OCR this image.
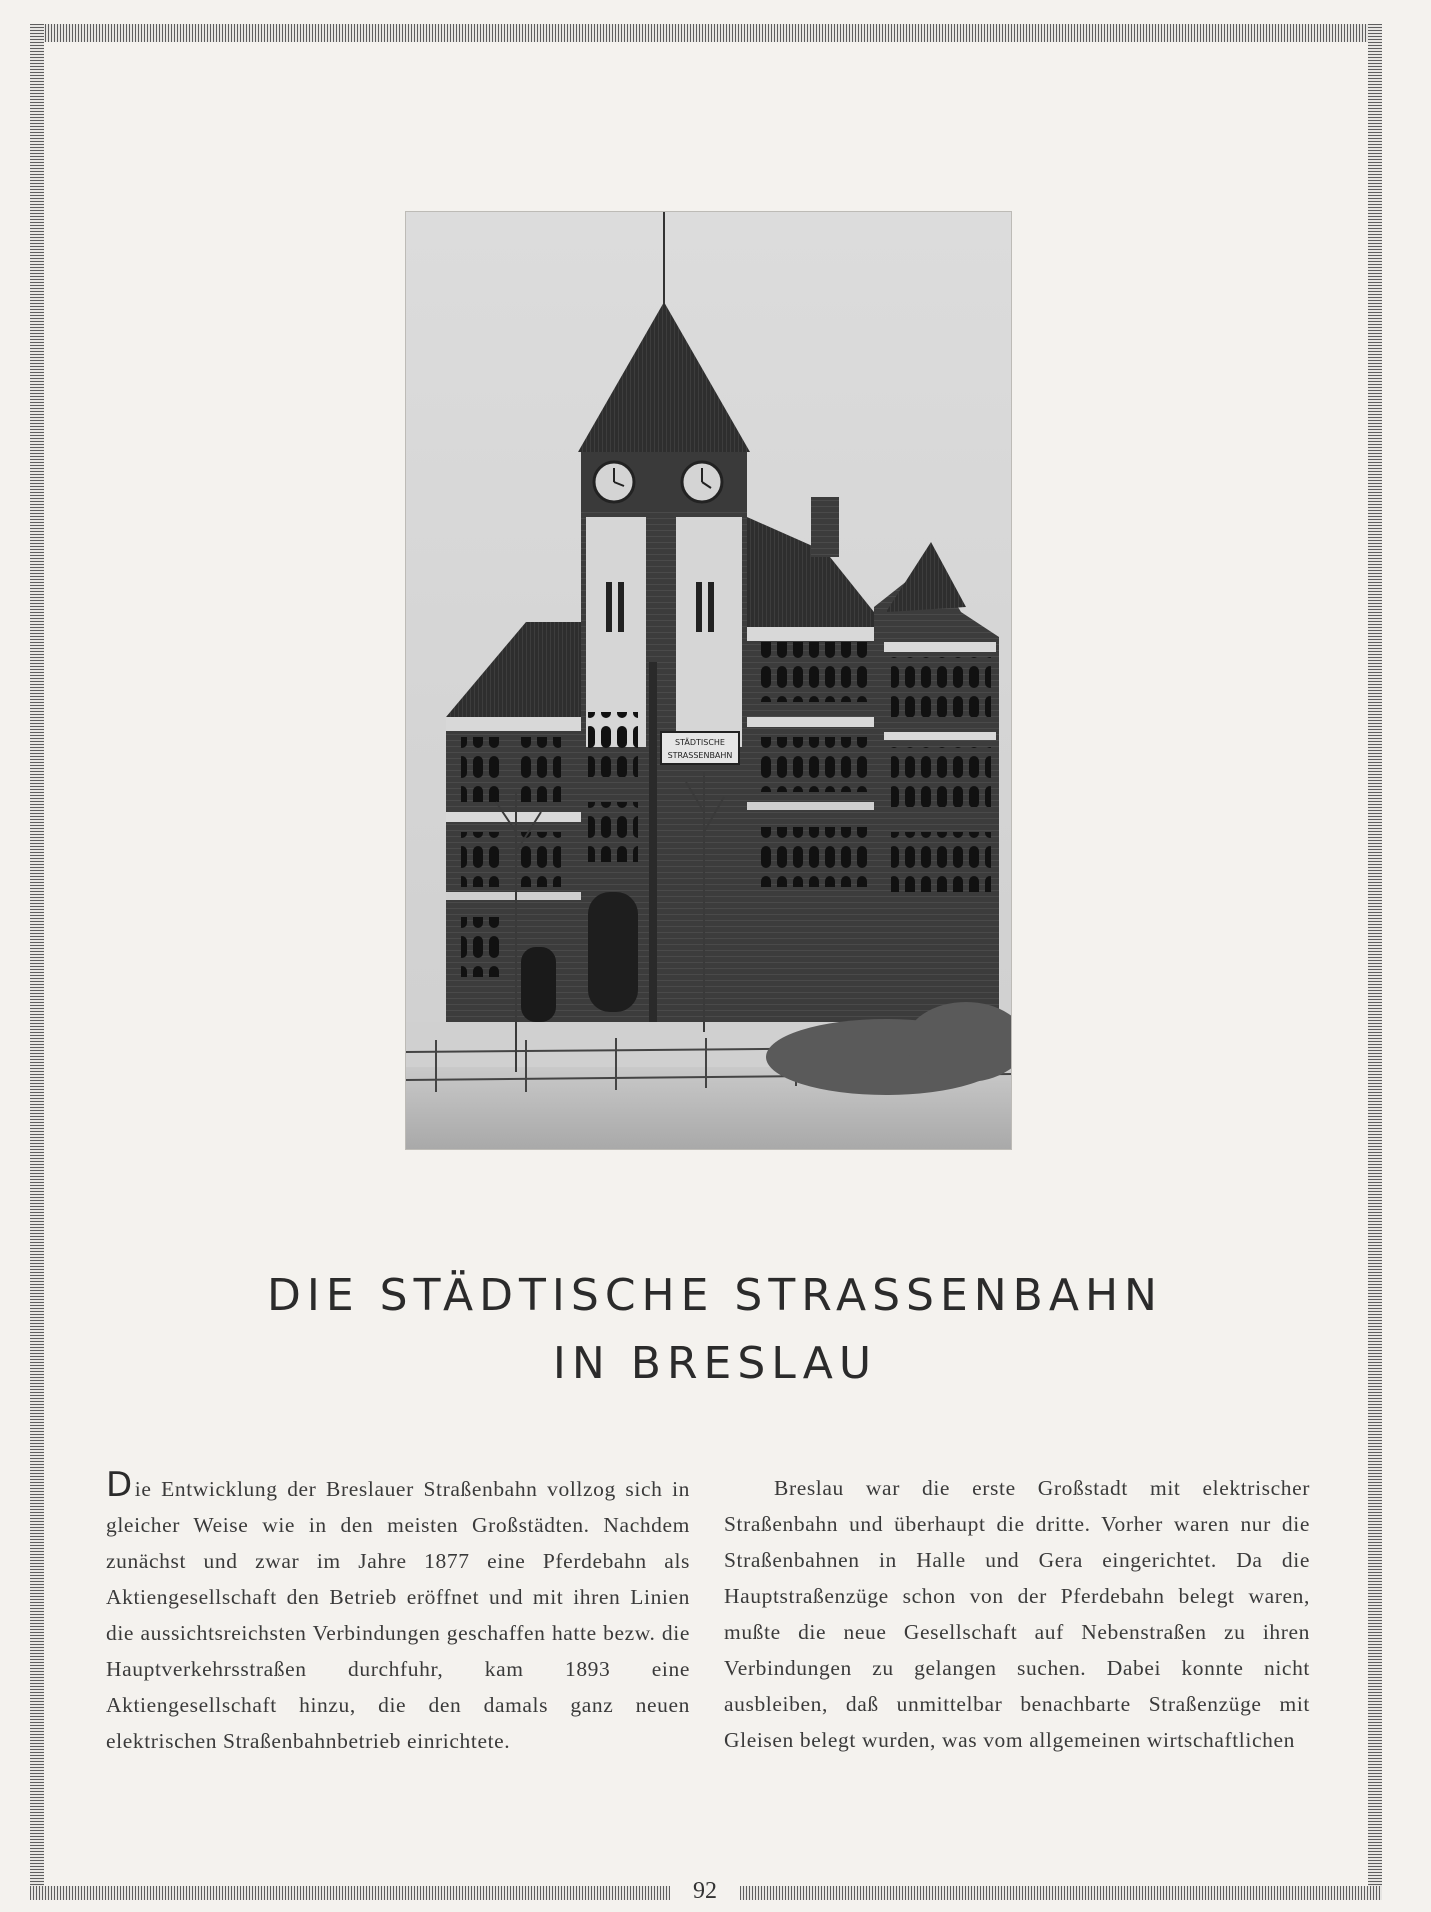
STÄDTISCHE
STRASSENBAHN
DIE STÄDTISCHE STRASSENBAHN
IN BRESLAU
Die Entwicklung der Breslauer Straßenbahn vollzog sich in gleicher Weise wie in den meisten Großstädten. Nachdem zunächst und zwar im Jahre 1877 eine Pferdebahn als Aktiengesellschaft den Betrieb eröffnet und mit ihren Linien die aussichtsreichsten Verbindungen geschaffen hatte bezw. die Hauptverkehrsstraßen durchfuhr, kam 1893 eine Aktiengesellschaft hinzu, die den damals ganz neuen elektrischen Straßenbahnbetrieb einrichtete.
Breslau war die erste Großstadt mit elektrischer Straßenbahn und überhaupt die dritte. Vorher waren nur die Straßenbahnen in Halle und Gera eingerichtet. Da die Hauptstraßenzüge schon von der Pferdebahn belegt waren, mußte die neue Gesellschaft auf Nebenstraßen zu ihren Verbindungen zu gelangen suchen. Dabei konnte nicht ausbleiben, daß unmittelbar benachbarte Straßenzüge mit Gleisen belegt wurden, was vom allgemeinen wirtschaftlichen
92
